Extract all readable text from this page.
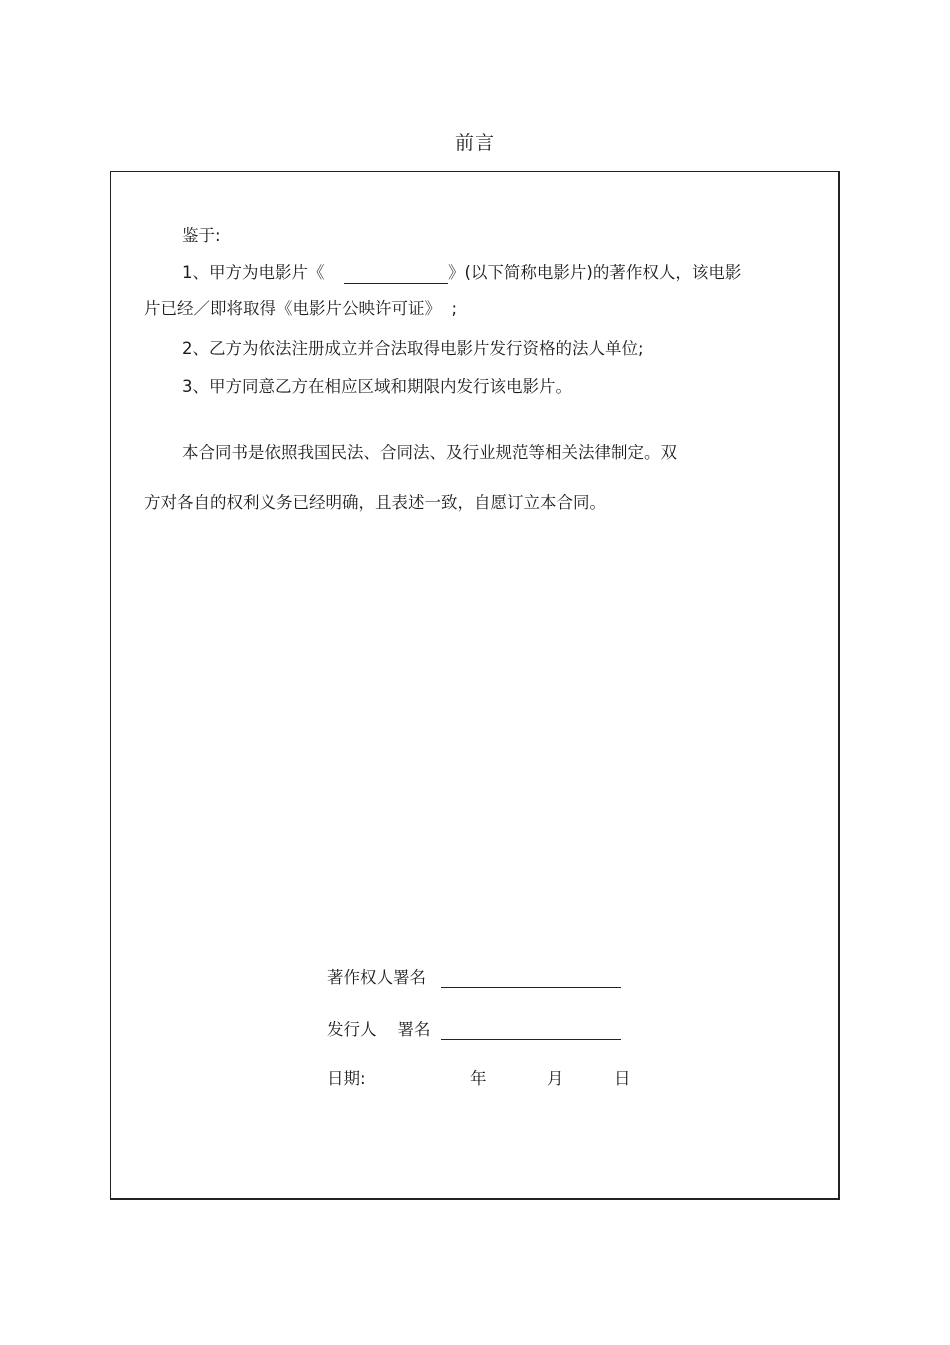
前言
鉴于:
1、甲方为电影片《	》(以下简称电影片)的著作权人，该电影
片已经／即将取得《电影片公映许可证》  ;
2、乙方为依法注册成立并合法取得电影片发行资格的法人单位;
3、甲方同意乙方在相应区域和期限内发行该电影片。
本合同书是依照我国民法、合同法、及行业规范等相关法律制定。双
方对各自的权利义务已经明确，且表述一致，自愿订立本合同。
著作权人署名
发行人    署名
日期:	年	月	日
